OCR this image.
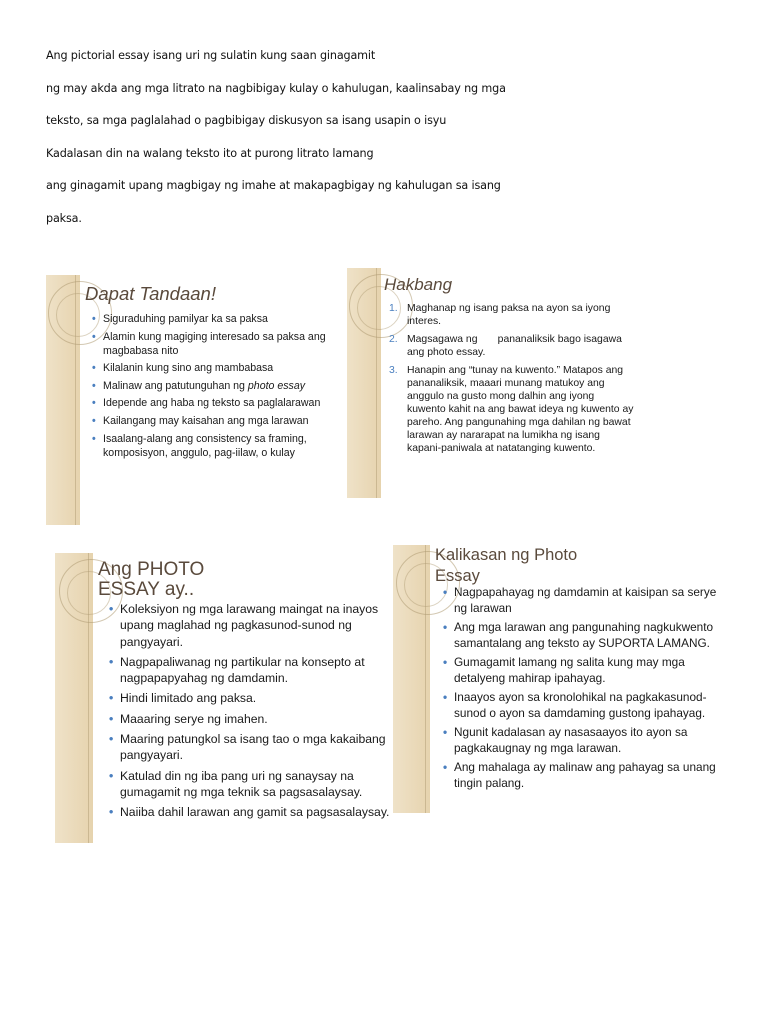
Ang pictorial essay isang uri ng sulatin kung saan ginagamit

ng may akda ang mga litrato na nagbibigay kulay o kahulugan, kaalinsabay ng mga

teksto, sa mga paglalahad o pagbibigay diskusyon sa isang usapin o isyu

Kadalasan din na walang teksto ito at purong litrato lamang

ang ginagamit upang magbigay ng imahe at makapagbigay ng kahulugan sa isang

paksa.

Dapat Tandaan!
• Siguraduhing pamilyar ka sa paksa
• Alamin kung magiging interesado sa paksa ang magbabasa nito
• Kilalanin kung sino ang mambabasa
• Malinaw ang patutunguhan ng photo essay
• Idepende ang haba ng teksto sa paglalarawan
• Kailangang may kaisahan ang mga larawan
• Isaalang-alang ang consistency sa framing, komposisyon, anggulo, pag-iilaw, o kulay
Hakbang
1. Maghanap ng isang paksa na ayon sa iyong interes.
2. Magsagawa ng       pananaliksik bago isagawa ang photo essay.
3. Hanapin ang “tunay na kuwento.” Matapos ang pananaliksik, maaari munang matukoy ang anggulo na gusto mong dalhin ang iyong kuwento kahit na ang bawat ideya ng kuwento ay pareho. Ang pangunahing mga dahilan ng bawat larawan ay nararapat na lumikha ng isang kapani-paniwala at natatanging kuwento.
Ang PHOTO
ESSAY ay..
• Koleksiyon ng mga larawang maingat na inayos upang maglahad ng pagkasunod-sunod ng pangyayari.
• Nagpapaliwanag ng partikular na konsepto at nagpapapyahag ng damdamin.
• Hindi limitado ang paksa.
• Maaaring serye ng imahen.
• Maaring patungkol sa isang tao o mga kakaibang pangyayari.
• Katulad din ng iba pang uri ng sanaysay na gumagamit ng mga teknik sa pagsasalaysay.
• Naiiba dahil larawan ang gamit sa pagsasalaysay.
Kalikasan ng Photo
Essay
• Nagpapahayag ng damdamin at kaisipan sa serye ng larawan
• Ang mga larawan ang pangunahing nagkukwento samantalang ang teksto ay SUPORTA LAMANG.
• Gumagamit lamang ng salita kung may mga detalyeng mahirap ipahayag.
• Inaayos ayon sa kronolohikal na pagkakasunod-sunod o ayon sa damdaming gustong ipahayag.
• Ngunit kadalasan ay nasasaayos ito ayon sa pagkakaugnay ng mga larawan.
• Ang mahalaga ay malinaw ang pahayag sa unang tingin palang.
